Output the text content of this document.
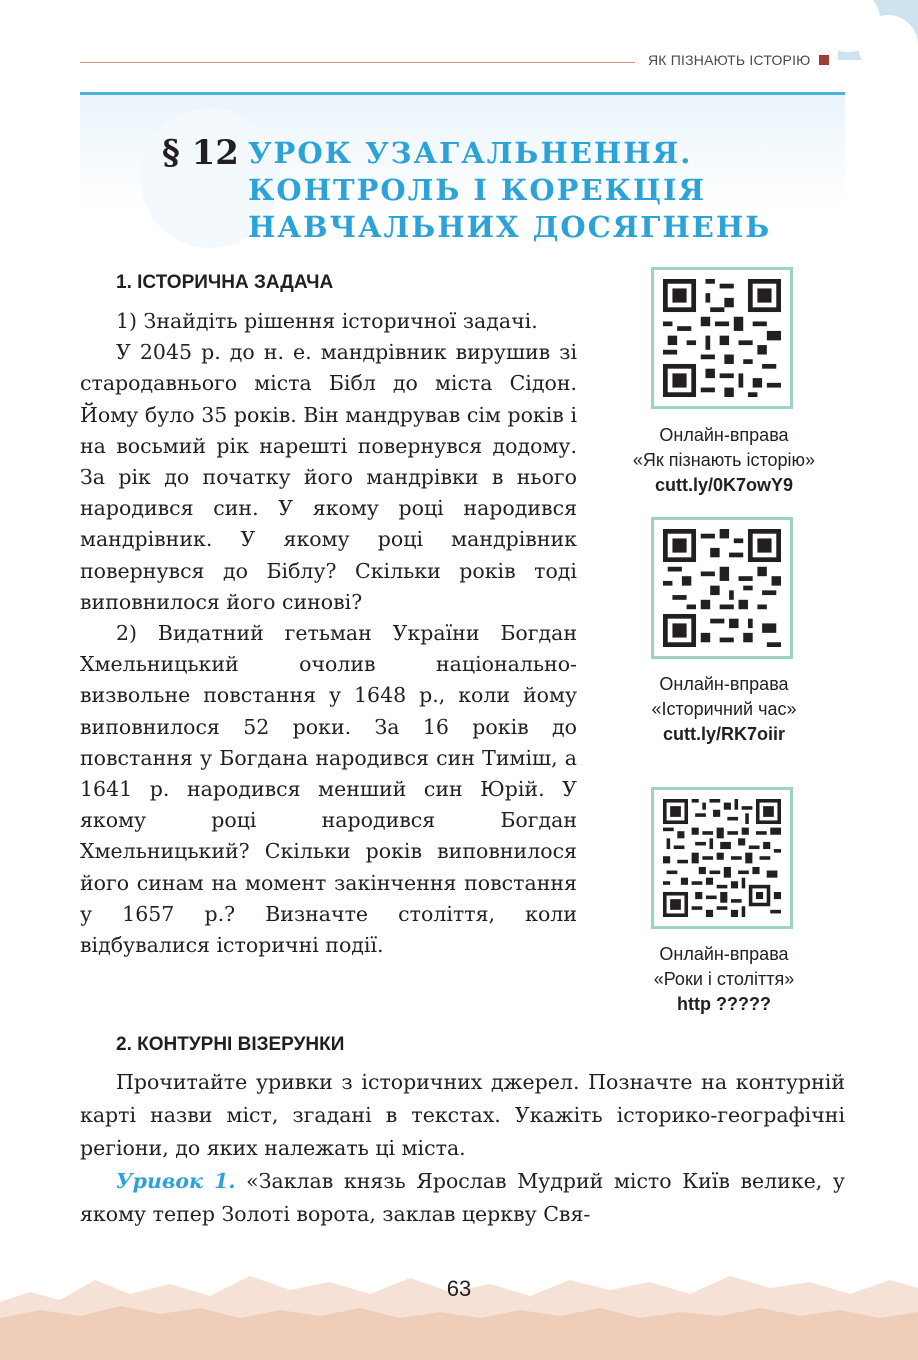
ЯК ПІЗНАЮТЬ ІСТОРІЮ
§ 12 УРОК УЗАГАЛЬНЕННЯ.
КОНТРОЛЬ І КОРЕКЦІЯ
НАВЧАЛЬНИХ ДОСЯГНЕНЬ
1. ІСТОРИЧНА ЗАДАЧА

1) Знайдіть рішення історичної задачі.

У 2045 р. до н. е. мандрівник вирушив зі стародавнього міста Бібл до міста Сідон. Йому було 35 років. Він мандрував сім років і на восьмий рік нарешті повернувся додому. За рік до початку його мандрівки в нього народився син. У якому році народився мандрівник. У якому році мандрівник повернувся до Біблу? Скільки років тоді виповнилося його синові?

2) Видатний гетьман України Богдан Хмельницький очолив національно-визвольне повстання у 1648 р., коли йому виповнилося 52 роки. За 16 років до повстання у Богдана народився син Тиміш, а 1641 р. народився менший син Юрій. У якому році народився Богдан Хмельницький? Скільки років виповнилося його синам на момент закінчення повстання у 1657 р.? Визначте століття, коли відбувалися історичні події.

Онлайн-вправа
«Як пізнають історію»
cutt.ly/0K7owY9
Онлайн-вправа
«Історичний час»
cutt.ly/RK7oiir
Онлайн-вправа
«Роки і століття»
http ?????
2. КОНТУРНІ ВІЗЕРУНКИ

Прочитайте уривки з історичних джерел. Позначте на контурній карті назви міст, згадані в текстах. Укажіть історико-географічні регіони, до яких належать ці міста.

Уривок 1. «Заклав князь Ярослав Мудрий місто Київ велике, у якому тепер Золоті ворота, заклав церкву Свя-

63
